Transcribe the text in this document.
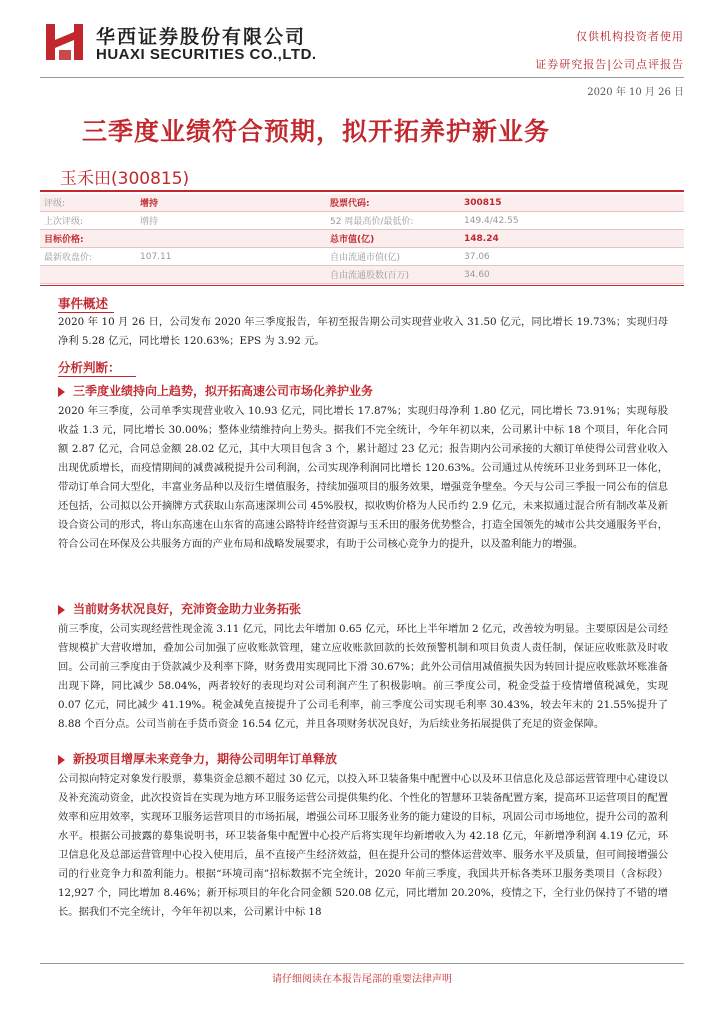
华西证券股份有限公司
HUAXI SECURITIES CO.,LTD.
仅供机构投资者使用
证券研究报告|公司点评报告
2020 年 10 月 26 日
三季度业绩符合预期，拟开拓养护新业务
玉禾田(300815)
评级:	增持	股票代码:	300815
上次评级:	增持	52 周最高价/最低价:	149.4/42.55
目标价格:		总市值(亿)	148.24
最新收盘价:	107.11	自由流通市值(亿)	37.06
		自由流通股数(百万)	34.60
事件概述
2020 年 10 月 26 日，公司发布 2020 年三季度报告，年初至报告期公司实现营业收入 31.50 亿元，同比增长 19.73%；实现归母净利 5.28 亿元，同比增长 120.63%；EPS 为 3.92 元。
分析判断：
三季度业绩持向上趋势，拟开拓高速公司市场化养护业务
2020 年三季度，公司单季实现营业收入 10.93 亿元，同比增长 17.87%；实现归母净利 1.80 亿元，同比增长 73.91%；实现每股收益 1.3 元，同比增长 30.00%；整体业绩维持向上势头。据我们不完全统计，今年年初以来，公司累计中标 18 个项目，年化合同额 2.87 亿元，合同总金额 28.02 亿元，其中大项目包含 3 个，累计超过 23 亿元；报告期内公司承接的大额订单使得公司营业收入出现优质增长，而疫情期间的减费减税提升公司利润，公司实现净利润同比增长 120.63%。公司通过从传统环卫业务到环卫一体化，带动订单合同大型化，丰富业务品种以及衍生增值服务，持续加强项目的服务效果，增强竞争壁垒。今天与公司三季报一同公布的信息还包括，公司拟以公开摘牌方式获取山东高速深圳公司 45%股权，拟收购价格为人民币约 2.9 亿元，未来拟通过混合所有制改革及新设合资公司的形式，将山东高速在山东省的高速公路特许经营资源与玉禾田的服务优势整合，打造全国领先的城市公共交通服务平台，符合公司在环保及公共服务方面的产业布局和战略发展要求，有助于公司核心竞争力的提升，以及盈利能力的增强。
当前财务状况良好，充沛资金助力业务拓张
前三季度，公司实现经营性现金流 3.11 亿元，同比去年增加 0.65 亿元，环比上半年增加 2 亿元，改善较为明显。主要原因是公司经营规模扩大营收增加，叠加公司加强了应收账款管理，建立应收账款回款的长效预警机制和项目负责人责任制，保证应收账款及时收回。公司前三季度由于贷款减少及利率下降，财务费用实现同比下滑 30.67%；此外公司信用减值损失因为转回计提应收账款坏账准备出现下降，同比减少 58.04%，两者较好的表现均对公司利润产生了积极影响。前三季度公司，税金受益于疫情增值税减免，实现 0.07 亿元，同比减少 41.19%。税金减免直接提升了公司毛利率，前三季度公司实现毛利率 30.43%，较去年末的 21.55%提升了 8.88 个百分点。公司当前在手货币资金 16.54 亿元，并且各项财务状况良好，为后续业务拓展提供了充足的资金保障。
新投项目增厚未来竞争力，期待公司明年订单释放
公司拟向特定对象发行股票，募集资金总额不超过 30 亿元，以投入环卫装备集中配置中心以及环卫信息化及总部运营管理中心建设以及补充流动资金，此次投资旨在实现为地方环卫服务运营公司提供集约化、个性化的智慧环卫装备配置方案，提高环卫运营项目的配置效率和应用效率，实现环卫服务运营项目的市场拓展，增强公司环卫服务业务的能力建设的目标，巩固公司市场地位，提升公司的盈利水平。根据公司披露的募集说明书，环卫装备集中配置中心投产后将实现年均新增收入为 42.18 亿元，年新增净利润 4.19 亿元，环卫信息化及总部运营管理中心投入使用后，虽不直接产生经济效益，但在提升公司的整体运营效率、服务水平及质量，但可间接增强公司的行业竞争力和盈利能力。根据“环境司南”招标数据不完全统计，2020 年前三季度，我国共开标各类环卫服务类项目（含标段）12,927 个，同比增加 8.46%；新开标项目的年化合同金额 520.08 亿元，同比增加 20.20%，疫情之下，全行业仍保持了不错的增长。据我们不完全统计，今年年初以来，公司累计中标 18
请仔细阅读在本报告尾部的重要法律声明
